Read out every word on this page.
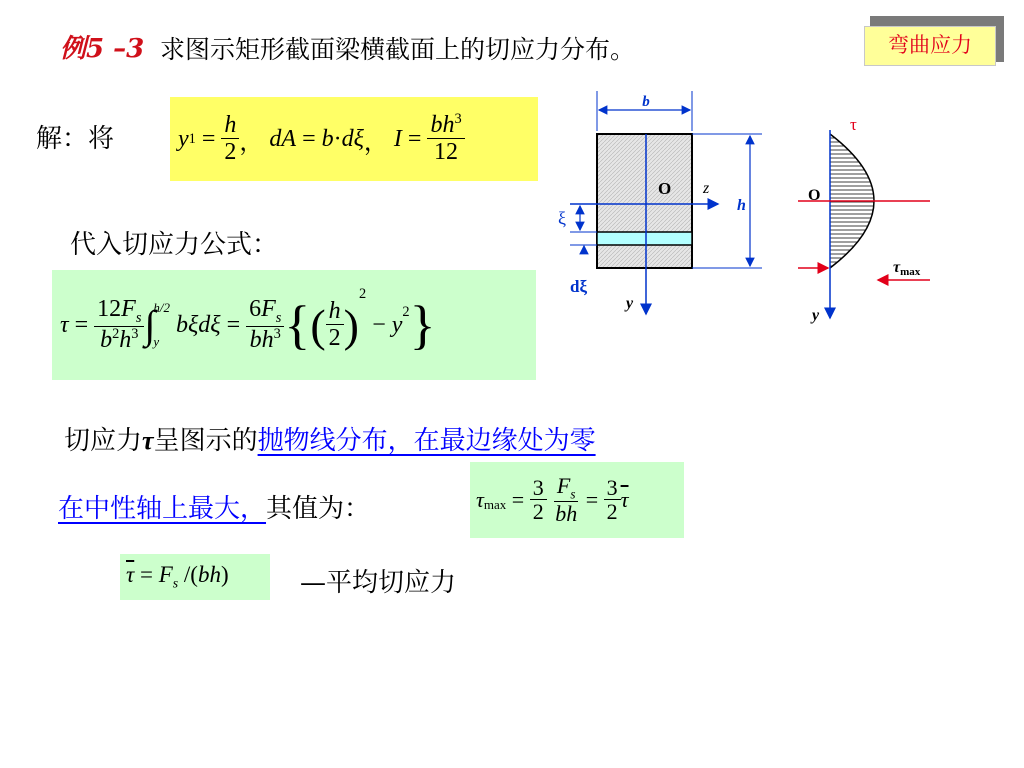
例5 –3 求图示矩形截面梁横截面上的切应力分布。	弯曲应力
解：将	y $1 = \frac{h}{2}$ ， dA = b · dξ ， $I = \frac{bh^3}{12}$
代入切应力公式：
$\tau = \frac{12F_s}{b^2h^3}$ ∫
h/2
y
$b\xi d\xi = \frac{6F_s}{bh^3}$ { ( $\frac{h}{2}$ )
$^2$
− $y^2$ }
切应力τ呈图示的抛物线分布，在最边缘处为零
在中性轴上最大，其值为：	$\tau_{max} = \frac{3}{2}$
$\frac{F_s}{bh} = \frac{3}{2} \overline{\tau}$
$\overline{\tau} = F_s$ /(bh)	—平均切应力
b
O z
y
h
ξ
dξ
O
τ
τmax
y
